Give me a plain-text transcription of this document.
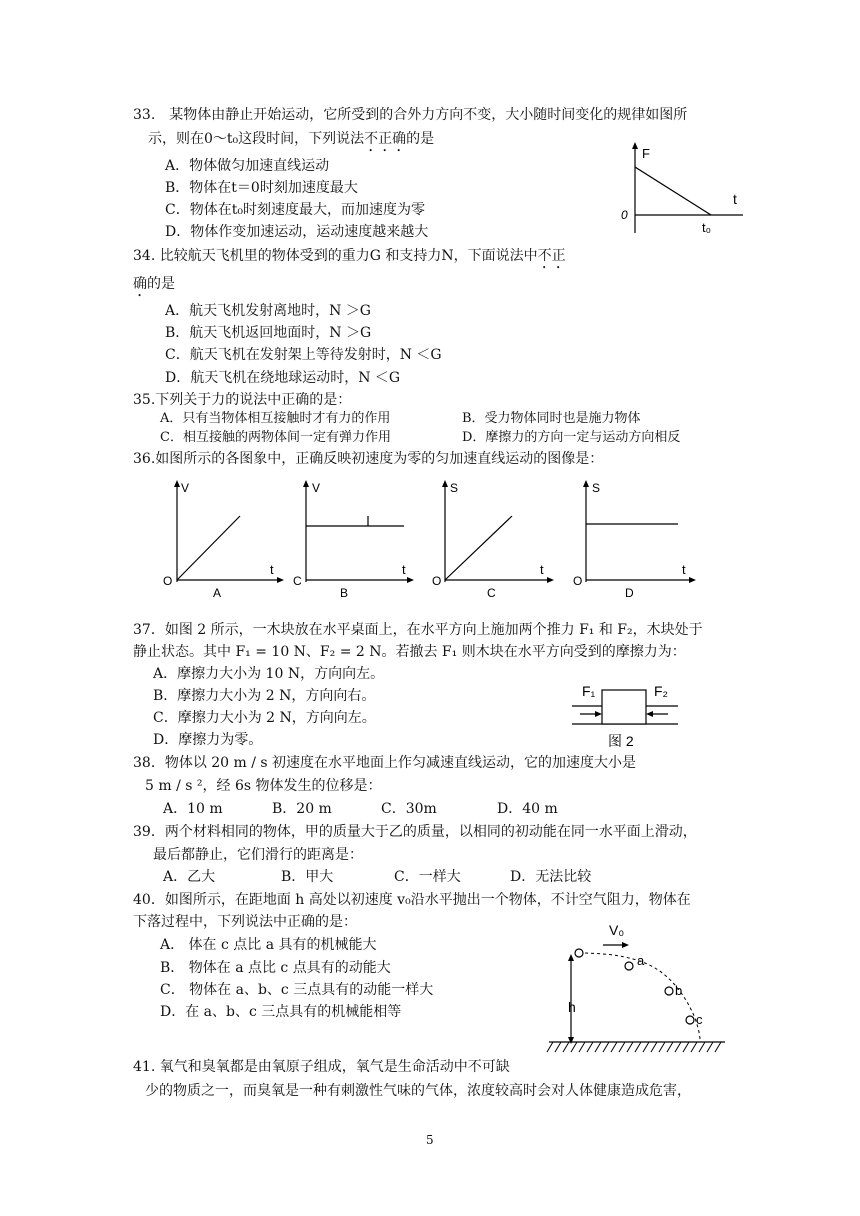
33.　某物体由静止开始运动，它所受到的合外力方向不变，大小随时间变化的规律如图所
示，则在0～t₀这段时间，下列说法不正确的是
A．物体做匀加速直线运动
B．物体在t＝0时刻加速度最大
C．物体在t₀时刻速度最大，而加速度为零
D．物体作变加速运动，运动速度越来越大
F
t
0
t₀
34. 比较航天飞机里的物体受到的重力G 和支持力N，下面说法中不正
确的是
A．航天飞机发射离地时，N ＞G
B．航天飞机返回地面时，N ＞G
C．航天飞机在发射架上等待发射时，N ＜G
D．航天飞机在绕地球运动时，N ＜G
35.下列关于力的说法中正确的是：
A．只有当物体相互接触时才有力的作用	B．受力物体同时也是施力物体
C．相互接触的两物体间一定有弹力作用	D．摩擦力的方向一定与运动方向相反
36.如图所示的各图象中，正确反映初速度为零的匀加速直线运动的图像是：
V
t
O
A
V
t
C
B
S
t
O
C
S
t
O
D
37．如图 2 所示，一木块放在水平桌面上，在水平方向上施加两个推力 F₁ 和 F₂，木块处于
静止状态。其中 F₁ = 10 N、F₂ = 2 N。若撤去 F₁ 则木块在水平方向受到的摩擦力为：
A．摩擦力大小为 10 N，方向向左。
B．摩擦力大小为 2 N，方向向右。
C．摩擦力大小为 2 N，方向向左。
D．摩擦力为零。
F₁	F₂
图 2
38．物体以 20 m / s 初速度在水平地面上作匀减速直线运动，它的加速度大小是
5 m / s ²，经 6s 物体发生的位移是：
A．10 m	B．20 m	C．30m	D．40 m
39．两个材料相同的物体，甲的质量大于乙的质量，以相同的初动能在同一水平面上滑动，
最后都静止，它们滑行的距离是：
A．乙大	B．甲大	C．一样大	D．无法比较
40．如图所示，在距地面 h 高处以初速度 v₀沿水平抛出一个物体，不计空气阻力，物体在
下落过程中，下列说法中正确的是：
A． 体在 c 点比 a 具有的机械能大
B． 物体在 a 点比 c 点具有的动能大
C． 物体在 a、b、c 三点具有的动能一样大
D．在 a、b、c 三点具有的机械能相等
V₀
h
a
b
c
41. 氧气和臭氧都是由氧原子组成，氧气是生命活动中不可缺
少的物质之一，而臭氧是一种有刺激性气味的气体，浓度较高时会对人体健康造成危害，
5
